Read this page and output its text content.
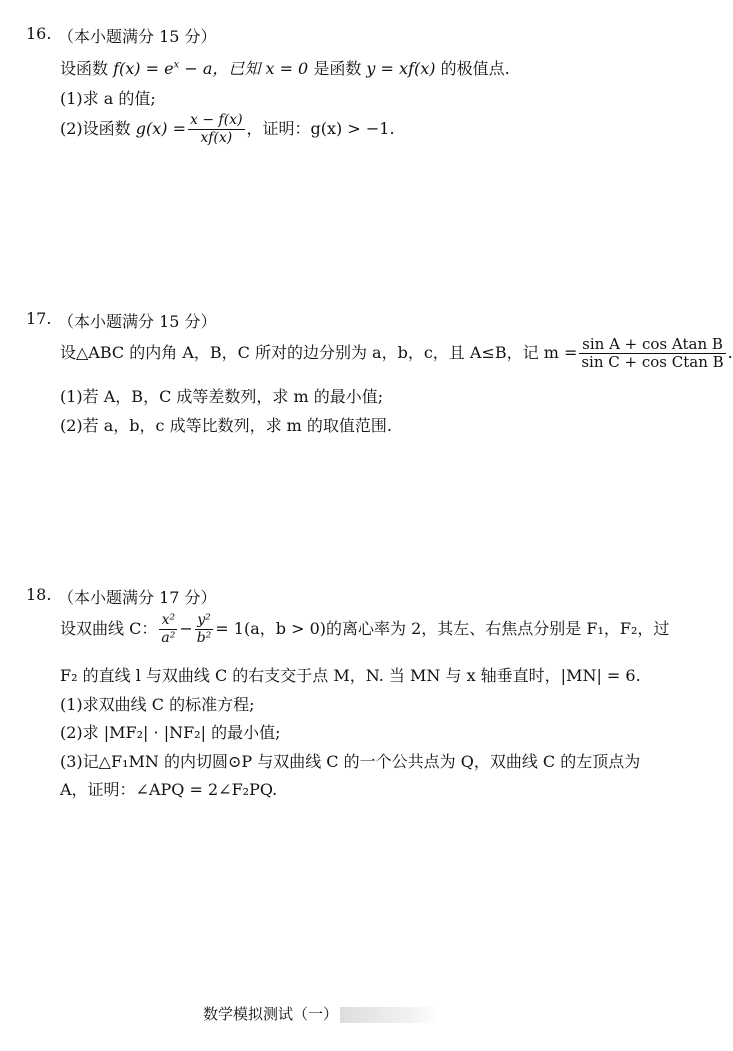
16. （本小题满分 15 分）
设函数 $f(x) = e^x - a$，已知 x = 0 是函数 y = xf(x) 的极值点.
(1)求 a 的值;
(2)设函数 $g(x) = \frac{x - f(x)}{xf(x)}$ ，证明：g(x) > −1.
17. （本小题满分 15 分）
设△ABC 的内角 A，B，C 所对的边分别为 a，b，c，且 A≤B，记 $m = \frac{\text{sin A + cos Atan B}}{\text{sin C + cos Ctan B}}$ .
(1)若 A，B，C 成等差数列，求 m 的最小值;
(2)若 a，b，c 成等比数列，求 m 的取值范围.
18. （本小题满分 17 分）
设双曲线 C： $\frac{\text{x²}}{\text{a²}} - \frac{\text{y²}}{\text{b²}} = 1(a$，b > 0)的离心率为 2，其左、右焦点分别是 F₁，F₂，过
F₂ 的直线 l 与双曲线 C 的右支交于点 M，N. 当 MN 与 x 轴垂直时，|MN| = 6.
(1)求双曲线 C 的标准方程;
(2)求 |MF₂| · |NF₂| 的最小值;
(3)记△F₁MN 的内切圆⊙P 与双曲线 C 的一个公共点为 Q，双曲线 C 的左顶点为
A，证明：∠APQ = 2∠F₂PQ.
数学模拟测试（一）
